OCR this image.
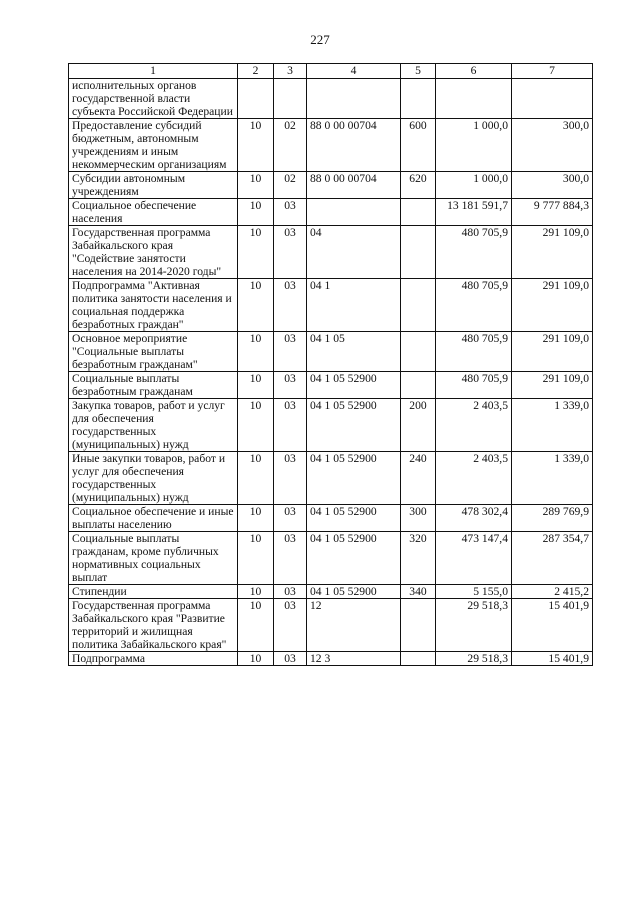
227
1	2	3	4	5	6	7
исполнительных органов государственной власти субъекта Российской Федерации						
Предоставление субсидий бюджетным, автономным учреждениям и иным некоммерческим организациям	10	02	88 0 00 00704	600	1 000,0	300,0
Субсидии автономным учреждениям	10	02	88 0 00 00704	620	1 000,0	300,0
Социальное обеспечение населения	10	03			13 181 591,7	9 777 884,3
Государственная программа Забайкальского края "Содействие занятости населения на 2014-2020 годы"	10	03	04		480 705,9	291 109,0
Подпрограмма "Активная политика занятости населения и социальная поддержка безработных граждан"	10	03	04 1		480 705,9	291 109,0
Основное мероприятие "Социальные выплаты безработным гражданам"	10	03	04 1 05		480 705,9	291 109,0
Социальные выплаты безработным гражданам	10	03	04 1 05 52900		480 705,9	291 109,0
Закупка товаров, работ и услуг для обеспечения государственных (муниципальных) нужд	10	03	04 1 05 52900	200	2 403,5	1 339,0
Иные закупки товаров, работ и услуг для обеспечения государственных (муниципальных) нужд	10	03	04 1 05 52900	240	2 403,5	1 339,0
Социальное обеспечение и иные выплаты населению	10	03	04 1 05 52900	300	478 302,4	289 769,9
Социальные выплаты гражданам, кроме публичных нормативных социальных выплат	10	03	04 1 05 52900	320	473 147,4	287 354,7
Стипендии	10	03	04 1 05 52900	340	5 155,0	2 415,2
Государственная программа Забайкальского края "Развитие территорий и жилищная политика Забайкальского края"	10	03	12		29 518,3	15 401,9
Подпрограмма	10	03	12 3		29 518,3	15 401,9
